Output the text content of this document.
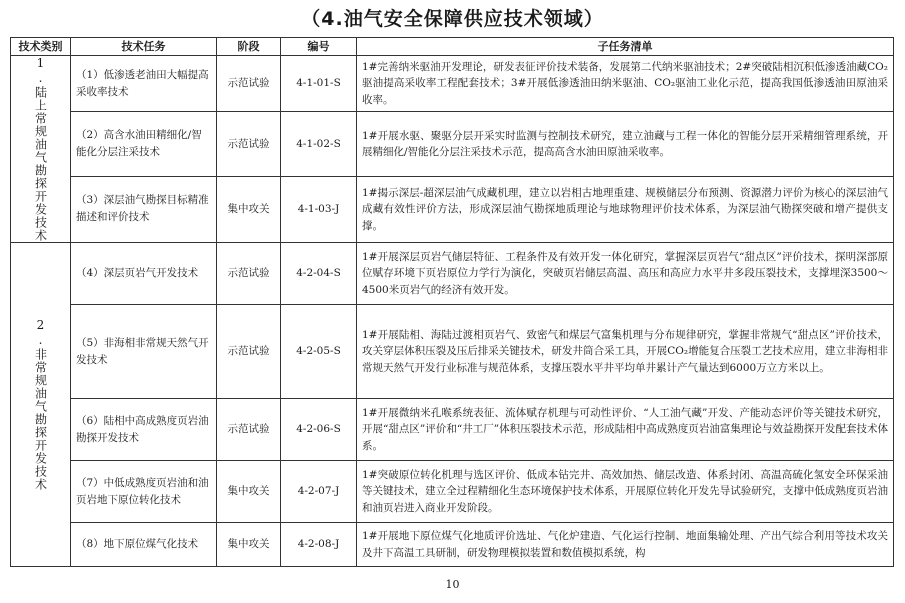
（4.油气安全保障供应技术领域）
技术类别	技术任务	阶段	编号	子任务清单

1.陆上常规油气勘探开发技术	（1）低渗透老油田大幅提高采收率技术	示范试验	4-1-01-S	1#完善纳米驱油开发理论，研发表征评价技术装备，发展第二代纳米驱油技术；2#突破陆相沉积低渗透油藏CO₂驱油提高采收率工程配套技术；3#开展低渗透油田纳米驱油、CO₂驱油工业化示范，提高我国低渗透油田原油采收率。
	（2）高含水油田精细化/智能化分层注采技术	示范试验	4-1-02-S	1#开展水驱、聚驱分层开采实时监测与控制技术研究，建立油藏与工程一体化的智能分层开采精细管理系统，开展精细化/智能化分层注采技术示范，提高高含水油田原油采收率。
	（3）深层油气勘探目标精准描述和评价技术	集中攻关	4-1-03-J	1#揭示深层-超深层油气成藏机理，建立以岩相古地理重建、规模储层分布预测、资源潜力评价为核心的深层油气成藏有效性评价方法，形成深层油气勘探地质理论与地球物理评价技术体系，为深层油气勘探突破和增产提供支撑。

2.非常规油气勘探开发技术	（4）深层页岩气开发技术	示范试验	4-2-04-S	1#开展深层页岩气储层特征、工程条件及有效开发一体化研究，掌握深层页岩气“甜点区”评价技术，探明深部原位赋存环境下页岩原位力学行为演化，突破页岩储层高温、高压和高应力水平井多段压裂技术，支撑埋深3500～4500米页岩气的经济有效开发。
	（5）非海相非常规天然气开发技术	示范试验	4-2-05-S	1#开展陆相、海陆过渡相页岩气、致密气和煤层气富集机理与分布规律研究，掌握非常规气“甜点区”评价技术，攻关穿层体积压裂及压后排采关键技术，研发井筒合采工具，开展CO₂增能复合压裂工艺技术应用，建立非海相非常规天然气开发行业标准与规范体系，支撑压裂水平井平均单井累计产气量达到6000万立方米以上。
	（6）陆相中高成熟度页岩油勘探开发技术	示范试验	4-2-06-S	1#开展微纳米孔喉系统表征、流体赋存机理与可动性评价、“人工油气藏”开发、产能动态评价等关键技术研究，开展“甜点区”评价和“井工厂”体积压裂技术示范，形成陆相中高成熟度页岩油富集理论与效益勘探开发配套技术体系。
	（7）中低成熟度页岩油和油页岩地下原位转化技术	集中攻关	4-2-07-J	1#突破原位转化机理与选区评价、低成本钻完井、高效加热、储层改造、体系封闭、高温高硫化氢安全环保采油等关键技术，建立全过程精细化生态环境保护技术体系，开展原位转化开发先导试验研究，支撑中低成熟度页岩油和油页岩进入商业开发阶段。
	（8）地下原位煤气化技术	集中攻关	4-2-08-J	1#开展地下原位煤气化地质评价选址、气化炉建造、气化运行控制、地面集输处理、产出气综合利用等技术攻关及井下高温工具研制，研发物理模拟装置和数值模拟系统，构
10
